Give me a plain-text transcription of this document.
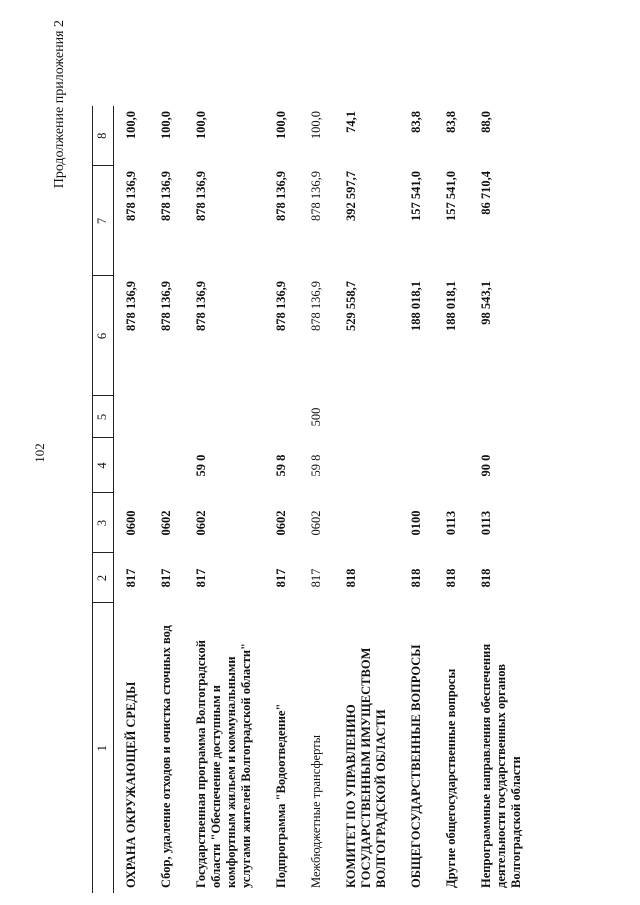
102
Продолжение приложения 2
1	2	3	4	5	6	7	8
ОХРАНА ОКРУЖАЮЩЕЙ СРЕДЫ	817	0600			878 136,9	878 136,9	100,0
Сбор, удаление отходов и очистка сточных вод	817	0602			878 136,9	878 136,9	100,0
Государственная программа Волгоградской области "Обеспечение доступным и комфортным жильем и коммунальными услугами жителей Волгоградской области"	817	0602	59 0		878 136,9	878 136,9	100,0
Подпрограмма "Водоотведение"	817	0602	59 8		878 136,9	878 136,9	100,0
Межбюджетные трансферты	817	0602	59 8	500	878 136,9	878 136,9	100,0
КОМИТЕТ ПО УПРАВЛЕНИЮ ГОСУДАРСТВЕННЫМ ИМУЩЕСТВОМ ВОЛГОГРАДСКОЙ ОБЛАСТИ	818				529 558,7	392 597,7	74,1
ОБЩЕГОСУДАРСТВЕННЫЕ ВОПРОСЫ	818	0100			188 018,1	157 541,0	83,8
Другие общегосударственные вопросы	818	0113			188 018,1	157 541,0	83,8
Непрограммные направления обеспечения деятельности государственных органов Волгоградской области	818	0113	90 0		98 543,1	86 710,4	88,0
